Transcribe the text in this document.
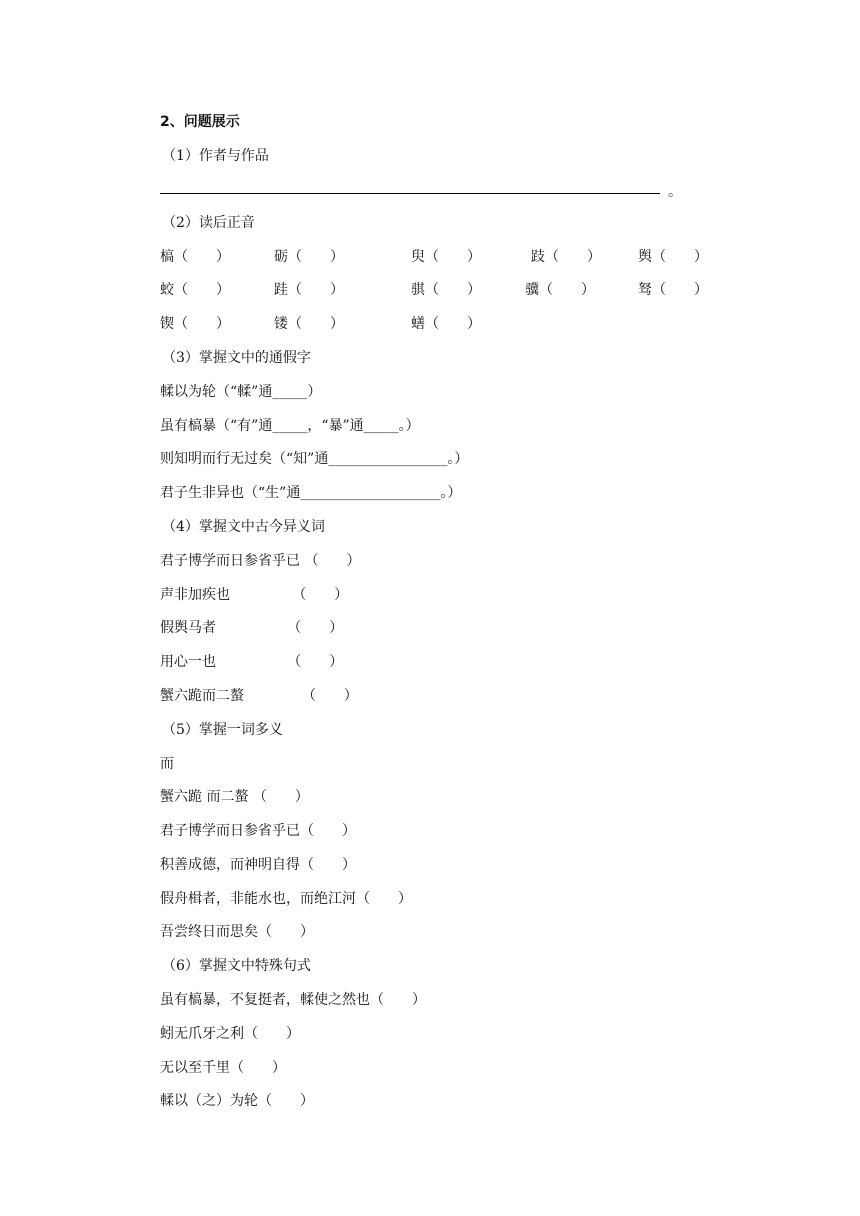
2、问题展示
（1）作者与作品
。
（2）读后正音
槁（　　）	砺（　　）	臾（　　）	跂（　　）	舆（　　）
蛟（　　）	跬（　　）	骐（　　）	骥（　　）	驽（　　）
锲（　　）	镂（　　）	蟮（　　）
（3）掌握文中的通假字
輮以为轮（“輮”通_____）
虽有槁暴（“有”通_____，“暴”通_____。）
则知明而行无过矣（“知”通_________________。）
君子生非异也（“生”通____________________。）
（4）掌握文中古今异义词
君子博学而日参省乎已 （　　）
声非加疾也              （　　）
假舆马者                （　　）
用心一也                （　　）
蟹六跪而二螯             （　　）
（5）掌握一词多义
而
蟹六跪 而二螯 （　　）
君子博学而日参省乎已（　　）
积善成德，而神明自得（　　）
假舟楫者，非能水也，而绝江河（　　）
吾尝终日而思矣（　　）
（6）掌握文中特殊句式
虽有槁暴，不复挺者，輮使之然也（　　）
蚓无爪牙之利（　　）
无以至千里（　　）
輮以（之）为轮（　　）
